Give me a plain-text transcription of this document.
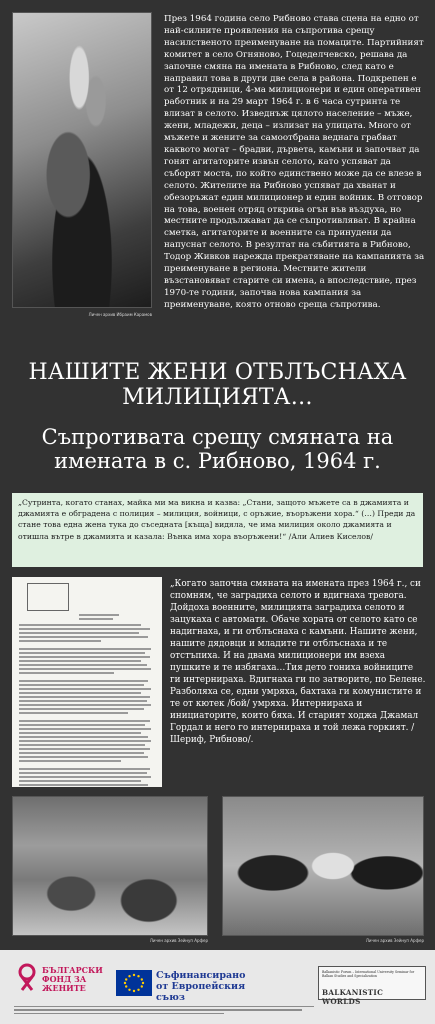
Личен архив Ибраим Карамов
През 1964 година село Рибново става сцена на едно от най-силните проявления на съпротива срещу насилственото преименуване на помаците. Партийният комитет в село Огняново, Гоцеделчевско, решава да започне смяна на имената в Рибново, след като е направил това в други две села в района. Подкрепен е от 12 отрядници, 4-ма милиционери и един оперативен работник и на 29 март 1964 г. в 6 часа сутринта те влизат в селото. Изведнъж цялото население – мъже, жени, младежи, деца – излизат на улицата. Много от мъжете и жените за самоотбрана веднага грабват каквото могат – брадви, дървета, камъни и започват да гонят агитаторите извън селото, като успяват да съборят моста, по който единствено може да се влезе в селото. Жителите на Рибново успяват да хванат и обезоръжат един милиционер и един войник. В отговор на това, военен отряд открива огън във въздуха, но местните продължават да се съпротивляват. В крайна сметка, агитаторите и военните са принудени да напуснат селото. В резултат на събитията в Рибново, Тодор Живков нарежда прекратяване на кампанията за преименуване в региона. Местните жители възстановяват старите си имена, а впоследствие, през 1970-те години, започва нова кампания за преименуване, която отново среща съпротива.
НАШИТЕ ЖЕНИ ОТБЛЪСНАХА МИЛИЦИЯТА…
Съпротивата срещу смяната на имената в с. Рибново, 1964 г.
„Сутринта, когато станах, майка ми ма викна и казва: „Стани, защото мъжете са в джамията и джамията е обградена с полиция – милиция, войници, с оръжие, въоръжени хора.“ (…) Преди да стане това една жена тука до съседната [къща] видяла, че има милиция около джамията и отишла вътре в джамията и казала: Вънка има хора въоръжени!“ /Али Алиев Киселов/
„Когато започна смяната на имената през 1964 г., си спомням, че заградиха селото и вдигнаха тревога. Дойдоха военните, милицията заградиха селото и зацукаха с автомати. Обаче хората от селото като се надигнаха, и ги отблъснаха с камъни. Нашите жени, нашите дядовци и младите ги отблъснаха и те отстъпиха. И на двама милиционери им взеха пушките и те избягаха…Тия дето гониха войниците ги интернираха. Вдигнаха ги по затворите, по Белене. Разболяха се, едни умряха, бахтаха ги комунистите и те от кютек /бой/ умряха. Интернираха и инициаторите, които бяха. И старият ходжа Джамал Гордал и него го интернираха и той лежа горкият. /Шериф, Рибново/.
Личен архив Зейнуп Арфер	Личен архив Зейнуп Арфер
БЪЛГАРСКИ ФОНД ЗА ЖЕНИТЕ
Съфинансирано от Европейския съюз
Balkanistic Forum – International University Seminar for Balkan Studies and Specialization
BALKANISTIC WORLDS
